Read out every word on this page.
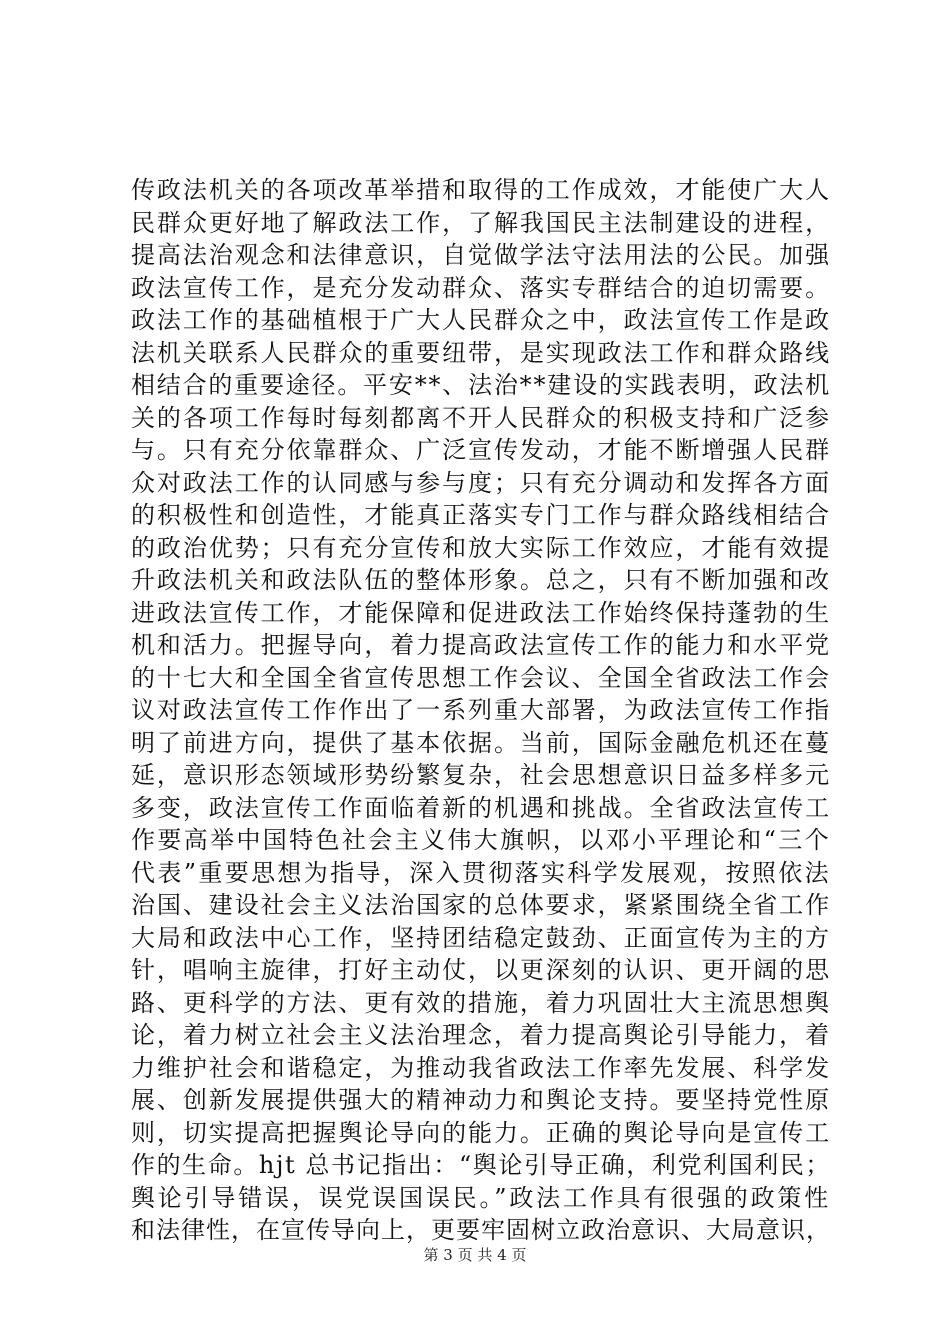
传政法机关的各项改革举措和取得的工作成效，才能使广大人
民群众更好地了解政法工作，了解我国民主法制建设的进程，
提高法治观念和法律意识，自觉做学法守法用法的公民。加强
政法宣传工作，是充分发动群众、落实专群结合的迫切需要。
政法工作的基础植根于广大人民群众之中，政法宣传工作是政
法机关联系人民群众的重要纽带，是实现政法工作和群众路线
相结合的重要途径。平安**、法治**建设的实践表明，政法机
关的各项工作每时每刻都离不开人民群众的积极支持和广泛参
与。只有充分依靠群众、广泛宣传发动，才能不断增强人民群
众对政法工作的认同感与参与度；只有充分调动和发挥各方面
的积极性和创造性，才能真正落实专门工作与群众路线相结合
的政治优势；只有充分宣传和放大实际工作效应，才能有效提
升政法机关和政法队伍的整体形象。总之，只有不断加强和改
进政法宣传工作，才能保障和促进政法工作始终保持蓬勃的生
机和活力。把握导向，着力提高政法宣传工作的能力和水平党
的十七大和全国全省宣传思想工作会议、全国全省政法工作会
议对政法宣传工作作出了一系列重大部署，为政法宣传工作指
明了前进方向，提供了基本依据。当前，国际金融危机还在蔓
延，意识形态领域形势纷繁复杂，社会思想意识日益多样多元
多变，政法宣传工作面临着新的机遇和挑战。全省政法宣传工
作要高举中国特色社会主义伟大旗帜，以邓小平理论和“三个
代表”重要思想为指导，深入贯彻落实科学发展观，按照依法
治国、建设社会主义法治国家的总体要求，紧紧围绕全省工作
大局和政法中心工作，坚持团结稳定鼓劲、正面宣传为主的方
针，唱响主旋律，打好主动仗，以更深刻的认识、更开阔的思
路、更科学的方法、更有效的措施，着力巩固壮大主流思想舆
论，着力树立社会主义法治理念，着力提高舆论引导能力，着
力维护社会和谐稳定，为推动我省政法工作率先发展、科学发
展、创新发展提供强大的精神动力和舆论支持。要坚持党性原
则，切实提高把握舆论导向的能力。正确的舆论导向是宣传工
作的生命。hjt 总书记指出：“舆论引导正确，利党利国利民；
舆论引导错误，误党误国误民。”政法工作具有很强的政策性
和法律性，在宣传导向上，更要牢固树立政治意识、大局意识，
第 3 页 共 4 页
